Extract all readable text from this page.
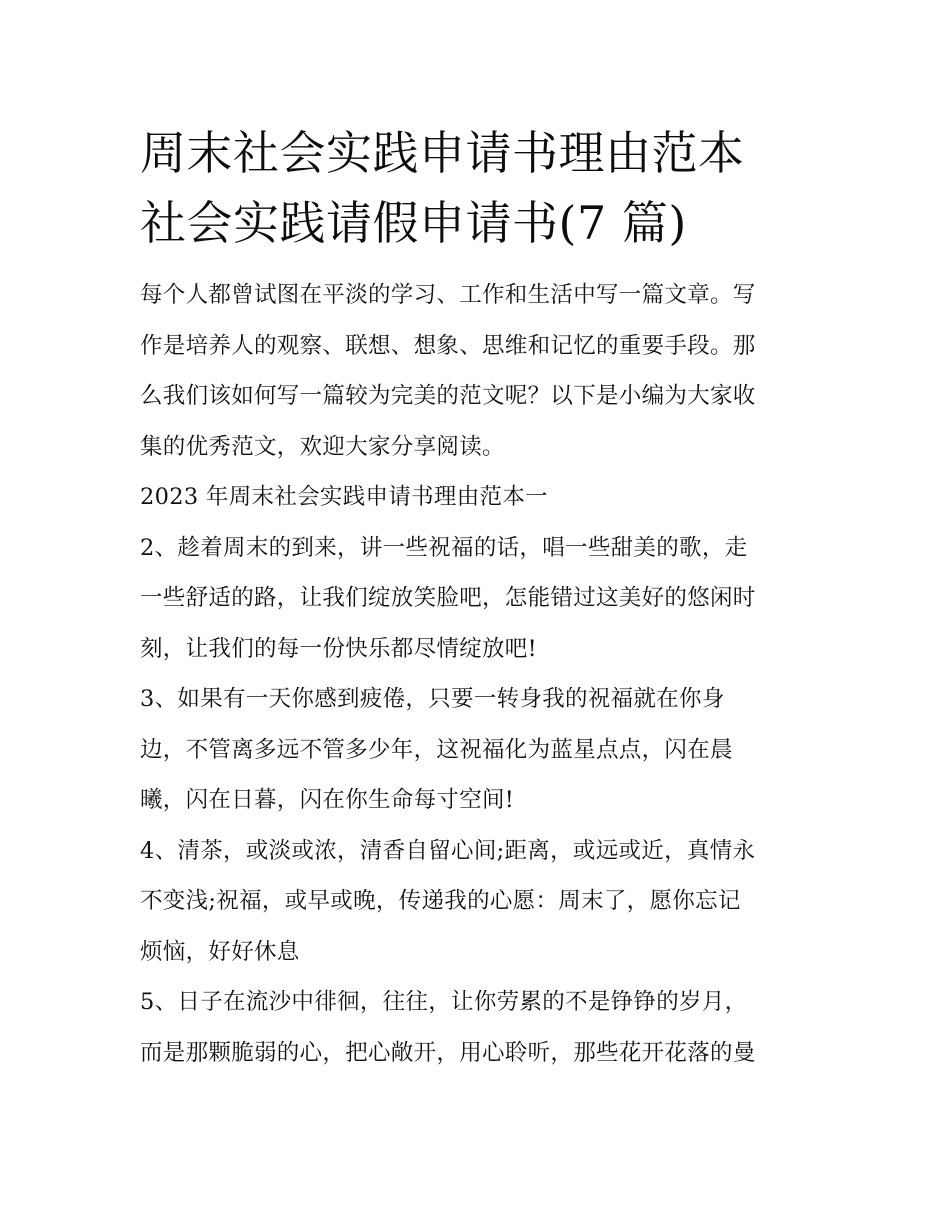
周末社会实践申请书理由范本
社会实践请假申请书(7 篇)

每个人都曾试图在平淡的学习、工作和生活中写一篇文章。写
作是培养人的观察、联想、想象、思维和记忆的重要手段。那
么我们该如何写一篇较为完美的范文呢？以下是小编为大家收
集的优秀范文，欢迎大家分享阅读。

2023 年周末社会实践申请书理由范本一

2、趁着周末的到来，讲一些祝福的话，唱一些甜美的歌，走
一些舒适的路，让我们绽放笑脸吧，怎能错过这美好的悠闲时
刻，让我们的每一份快乐都尽情绽放吧!

3、如果有一天你感到疲倦，只要一转身我的祝福就在你身
边，不管离多远不管多少年，这祝福化为蓝星点点，闪在晨
曦，闪在日暮，闪在你生命每寸空间!

4、清茶，或淡或浓，清香自留心间;距离，或远或近，真情永
不变浅;祝福，或早或晚，传递我的心愿：周末了，愿你忘记
烦恼，好好休息

5、日子在流沙中徘徊，往往，让你劳累的不是铮铮的岁月，
而是那颗脆弱的心，把心敞开，用心聆听，那些花开花落的曼
